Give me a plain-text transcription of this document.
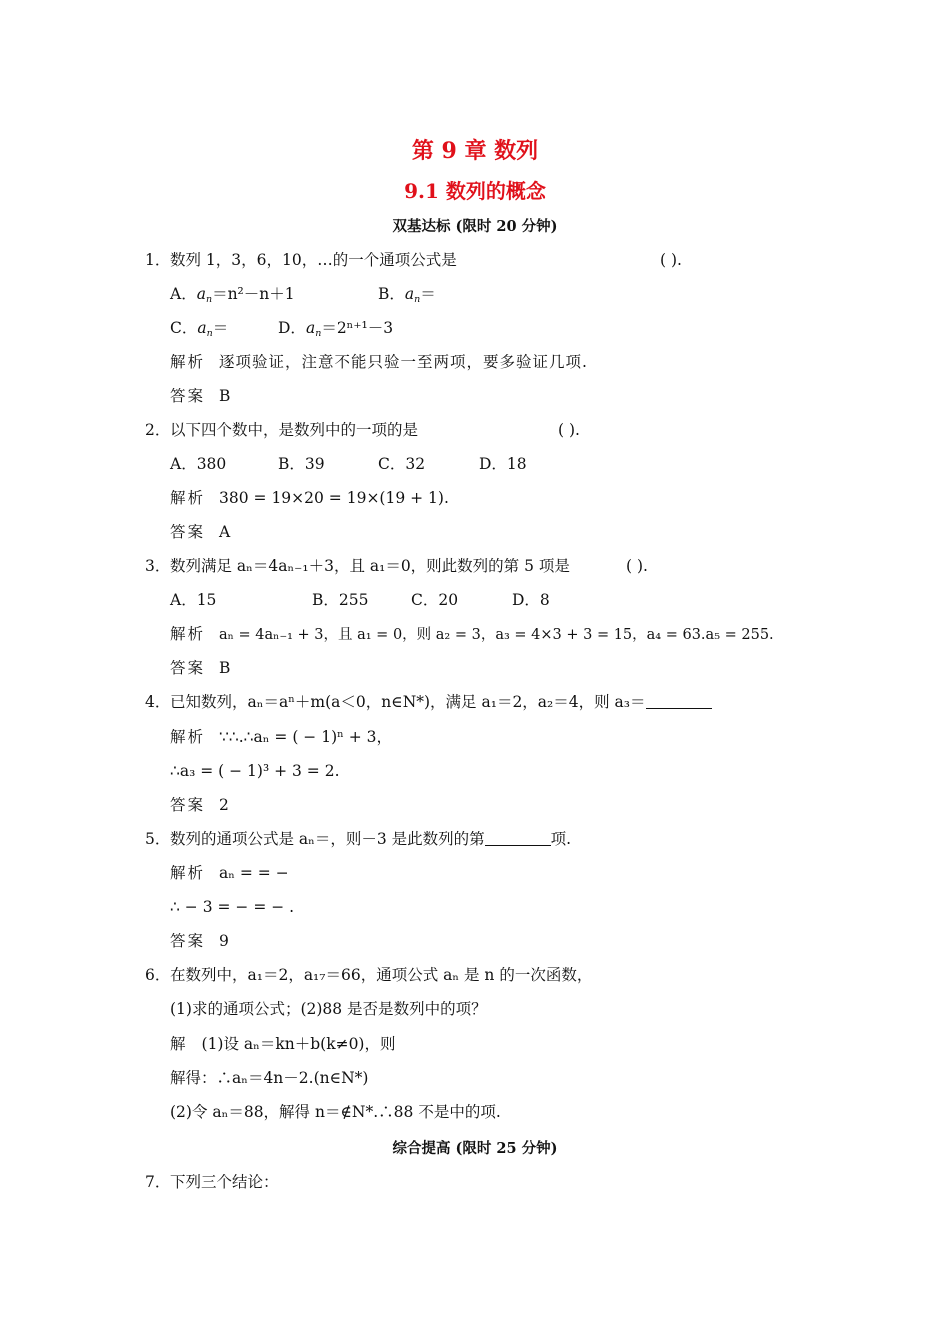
第 9 章 数列
9.1 数列的概念
双基达标 (限时 20 分钟)
1．数列 1，3，6，10，…的一个通项公式是	( ).
A．$a_n=n^2-n+1$	B．$a_n=$
C．$a_n=$	D．$a_n=2^{n+1}-3$
解析 逐项验证，注意不能只验一至两项，要多验证几项.
答案 B
2．以下四个数中，是数列中的一项的是	( ).
A．380	B．39	C．32	D．18
解析 380 = 19×20 = 19×(19 + 1).
答案 A
3．数列满足 aₙ＝4aₙ₋₁＋3，且 a₁＝0，则此数列的第 5 项是	( ).
A．15	B．255	C．20	D．8
解析 aₙ = 4aₙ₋₁ + 3，且 a₁ = 0，则 a₂ = 3，a₃ = 4×3 + 3 = 15，a₄ = 63.a₅ = 255.
答案 B
4．已知数列，aₙ＝aⁿ＋m(a＜0，n∈N*)，满足 a₁＝2，a₂＝4，则 a₃＝
解析 ∵∴.∴aₙ = ( − 1)ⁿ + 3，
∴a₃ = ( − 1)³ + 3 = 2.
答案 2
5．数列的通项公式是 aₙ＝，则－3 是此数列的第	项.
解析 aₙ = = −
∴ − 3 = − = − .
答案 9
6．在数列中，a₁＝2，a₁₇＝66，通项公式 aₙ 是 n 的一次函数，
(1)求的通项公式；(2)88 是否是数列中的项？
解 (1)设 aₙ＝kn＋b(k≠0)，则
解得：∴aₙ＝4n－2.(n∈N*)
(2)令 aₙ＝88，解得 n＝∉N*.∴88 不是中的项.
综合提高 (限时 25 分钟)
7．下列三个结论：
